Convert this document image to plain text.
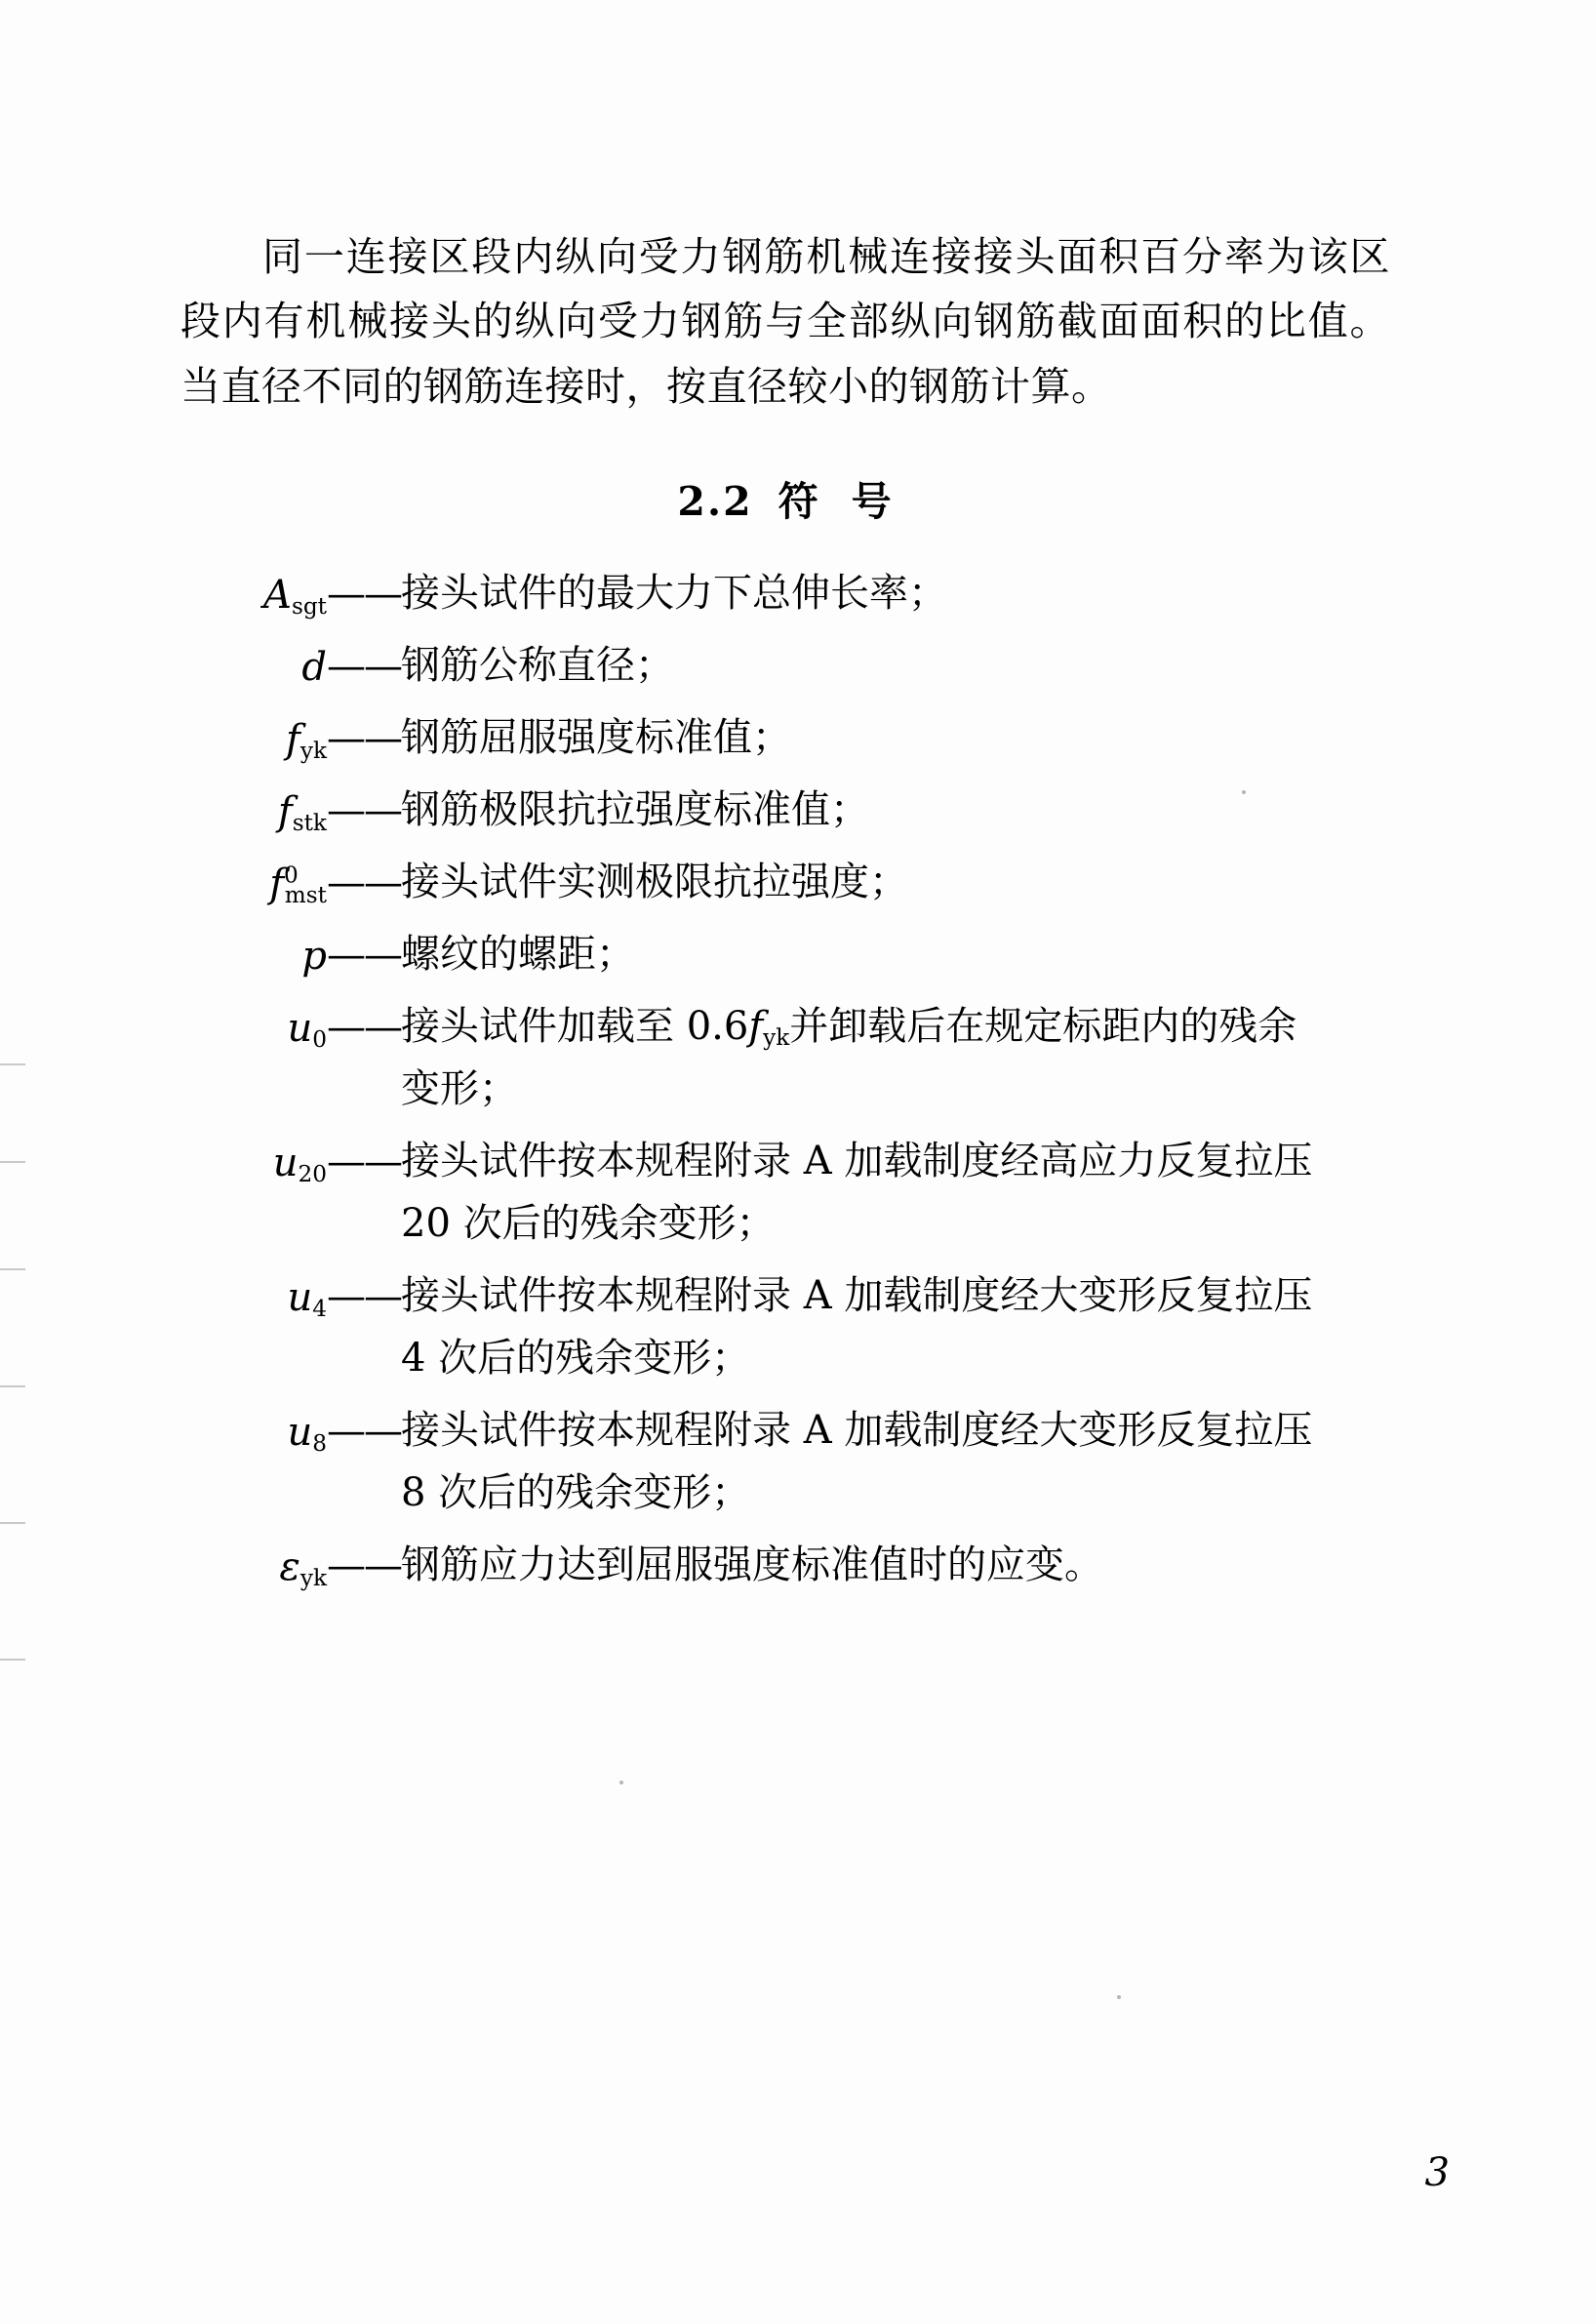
同一连接区段内纵向受力钢筋机械连接接头面积百分率为该区段内有机械接头的纵向受力钢筋与全部纵向钢筋截面面积的比值。当直径不同的钢筋连接时，按直径较小的钢筋计算。

2.2 符号
$A_{sgt}$ —— 接头试件的最大力下总伸长率；
d —— 钢筋公称直径；
$f_{yk}$ —— 钢筋屈服强度标准值；
$f_{stk}$ —— 钢筋极限抗拉强度标准值；
$f^0_{mst}$ —— 接头试件实测极限抗拉强度；
p —— 螺纹的螺距；
$u_0$ —— 接头试件加载至 $0.6f_{yk}$并卸载后在规定标距内的残余
变形；
$u_{20}$ —— 接头试件按本规程附录 A 加载制度经高应力反复拉压
20 次后的残余变形；
$u_4$ —— 接头试件按本规程附录 A 加载制度经大变形反复拉压
4 次后的残余变形；
$u_8$ —— 接头试件按本规程附录 A 加载制度经大变形反复拉压
8 次后的残余变形；
$\varepsilon_{yk}$ —— 钢筋应力达到屈服强度标准值时的应变。
3
